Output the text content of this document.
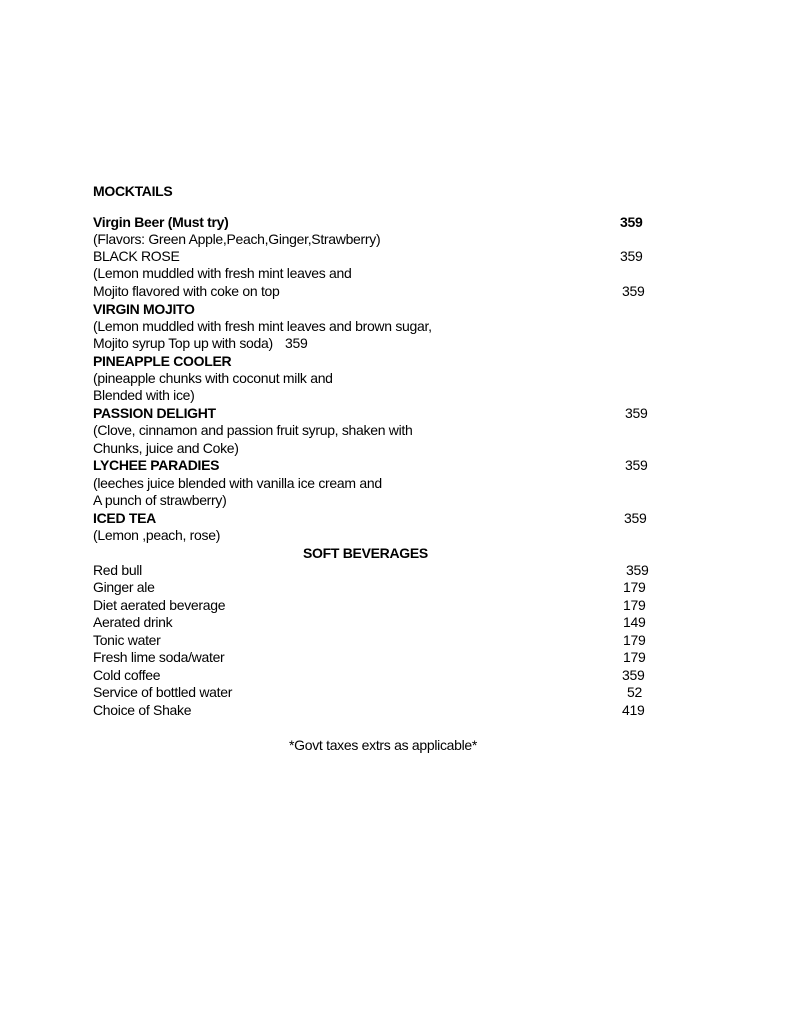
MOCKTAILS
Virgin Beer (Must try)	359
(Flavors: Green Apple,Peach,Ginger,Strawberry)
BLACK ROSE	359
(Lemon muddled with fresh mint leaves and
Mojito flavored with coke on top	359
VIRGIN MOJITO
(Lemon muddled with fresh mint leaves and brown sugar,
Mojito syrup Top up with soda) 359
PINEAPPLE COOLER
(pineapple chunks with coconut milk and
Blended with ice)
PASSION DELIGHT	359
(Clove, cinnamon and passion fruit syrup, shaken with
Chunks, juice and Coke)
LYCHEE PARADIES	359
(leeches juice blended with vanilla ice cream and
A punch of strawberry)
ICED TEA	359
(Lemon ,peach, rose)
SOFT BEVERAGES
Red bull	359
Ginger ale	179
Diet aerated beverage	179
Aerated drink	149
Tonic water	179
Fresh lime soda/water	179
Cold coffee	359
Service of bottled water	52
Choice of Shake	419
*Govt taxes extrs as applicable*
